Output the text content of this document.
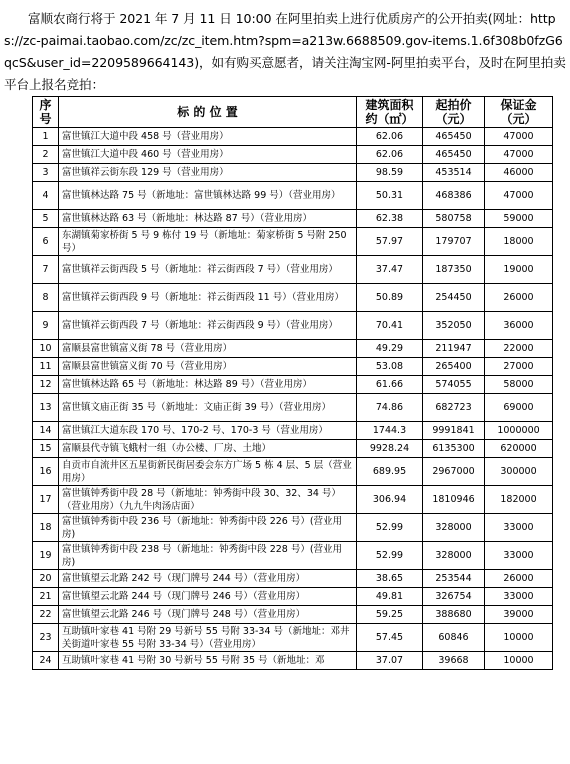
富顺农商行将于 2021 年 7 月 11 日 10:00 在阿里拍卖上进行优质房产的公开拍卖(网址：https://zc-paimai.taobao.com/zc/zc_item.htm?spm=a213w.6688509.gov-items.1.6f308b0fzG6qcS&user_id=2209589664143)，如有购买意愿者，请关注淘宝网-阿里拍卖平台，及时在阿里拍卖平台上报名竞拍：

序号	标 的 位 置	建筑面积约（㎡）	起拍价（元）	保证金（元）
1	富世镇江大道中段 458 号（营业用房）	62.06	465450	47000
2	富世镇江大道中段 460 号（营业用房）	62.06	465450	47000
3	富世镇祥云街东段 129 号（营业用房）	98.59	453514	46000
4	富世镇林达路 75 号（新地址：富世镇林达路 99 号）（营业用房）	50.31	468386	47000
5	富世镇林达路 63 号（新地址：林达路 87 号）（营业用房）	62.38	580758	59000
6	东湖镇菊家桥街 5 号 9 栋付 19 号（新地址：菊家桥街 5 号附 250 号）	57.97	179707	18000
7	富世镇祥云街西段 5 号（新地址：祥云街西段 7 号）（营业用房）	37.47	187350	19000
8	富世镇祥云街西段 9 号（新地址：祥云街西段 11 号）（营业用房）	50.89	254450	26000
9	富世镇祥云街西段 7 号（新地址：祥云街西段 9 号）（营业用房）	70.41	352050	36000
10	富顺县富世镇富义街 78 号（营业用房）	49.29	211947	22000
11	富顺县富世镇富义街 70 号（营业用房）	53.08	265400	27000
12	富世镇林达路 65 号（新地址：林达路 89 号）（营业用房）	61.66	574055	58000
13	富世镇文庙正街 35 号（新地址：文庙正街 39 号）（营业用房）	74.86	682723	69000
14	富世镇江大道东段 170 号、170-2 号、170-3 号（营业用房）	1744.3	9991841	1000000
15	富顺县代寺镇飞蛾村一组（办公楼、厂房、土地）	9928.24	6135300	620000
16	自贡市自流井区五星街新民街居委会东方广场 5 栋 4 层、5 层（营业用房）	689.95	2967000	300000
17	富世镇钟秀街中段 28 号（新地址：钟秀街中段 30、32、34 号）（营业用房）（九九牛肉汤店面）	306.94	1810946	182000
18	富世镇钟秀街中段 236 号（新地址：钟秀街中段 226 号）(营业用房)	52.99	328000	33000
19	富世镇钟秀街中段 238 号（新地址：钟秀街中段 228 号）(营业用房)	52.99	328000	33000
20	富世镇望云北路 242 号（现门牌号 244 号）（营业用房）	38.65	253544	26000
21	富世镇望云北路 244 号（现门牌号 246 号）（营业用房）	49.81	326754	33000
22	富世镇望云北路 246 号（现门牌号 248 号）（营业用房）	59.25	388680	39000
23	互助镇叶家巷 41 号附 29 号新号 55 号附 33-34 号（新地址：邓井关街道叶家巷 55 号附 33-34 号）（营业用房）	57.45	60846	10000
24	互助镇叶家巷 41 号附 30 号新号 55 号附 35 号（新地址：邓	37.07	39668	10000
